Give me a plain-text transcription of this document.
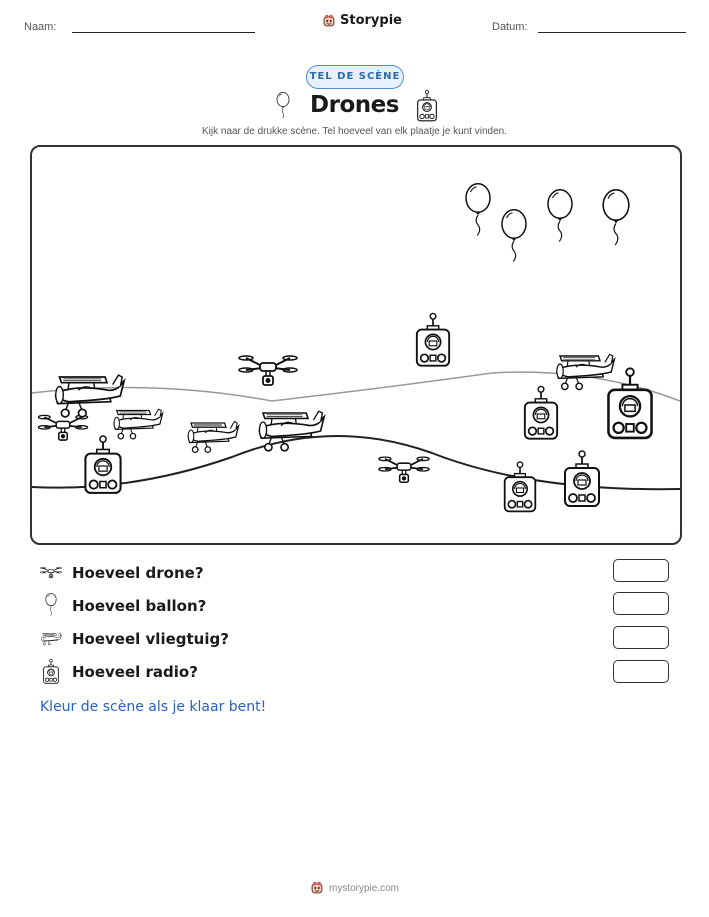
Naam:	Storypie	Datum:
TEL DE SCÈNE
Drones
Kijk naar de drukke scène. Tel hoeveel van elk plaatje je kunt vinden.
Hoeveel drone?
Hoeveel ballon?
Hoeveel vliegtuig?
Hoeveel radio?
Kleur de scène als je klaar bent!
mystorypie.com
